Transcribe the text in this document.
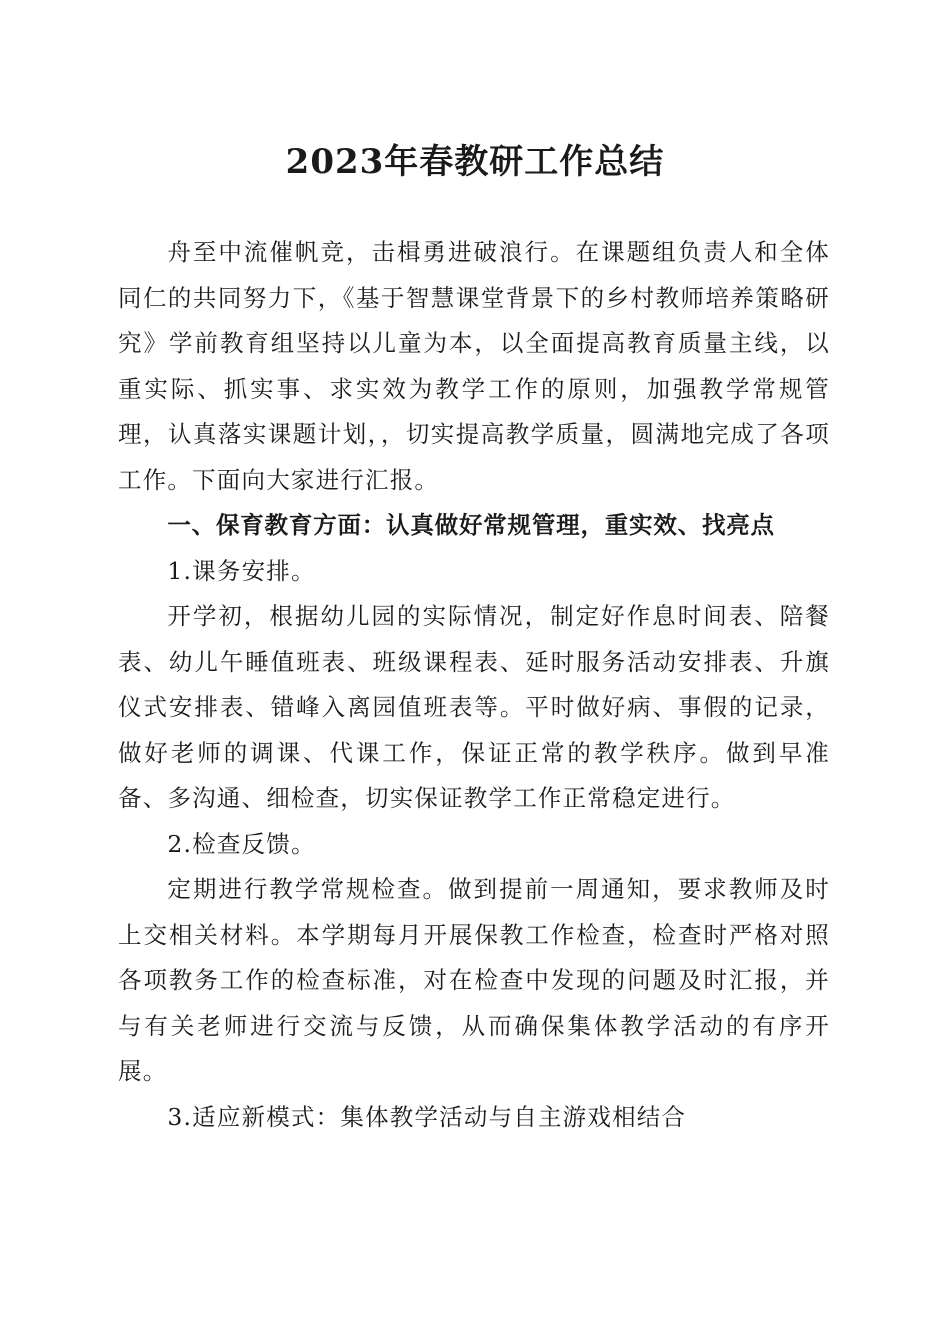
2023年春教研工作总结

舟至中流催帆竞，击楫勇进破浪行。在课题组负责人和全体同仁的共同努力下，《基于智慧课堂背景下的乡村教师培养策略研究》学前教育组坚持以儿童为本，以全面提高教育质量主线，以重实际、抓实事、求实效为教学工作的原则，加强教学常规管理，认真落实课题计划，，切实提高教学质量，圆满地完成了各项工作。下面向大家进行汇报。

一、保育教育方面：认真做好常规管理，重实效、找亮点

1.课务安排。

开学初，根据幼儿园的实际情况，制定好作息时间表、陪餐表、幼儿午睡值班表、班级课程表、延时服务活动安排表、升旗仪式安排表、错峰入离园值班表等。平时做好病、事假的记录，做好老师的调课、代课工作，保证正常的教学秩序。做到早准备、多沟通、细检查，切实保证教学工作正常稳定进行。

2.检查反馈。

定期进行教学常规检查。做到提前一周通知，要求教师及时上交相关材料。本学期每月开展保教工作检查，检查时严格对照各项教务工作的检查标准，对在检查中发现的问题及时汇报，并与有关老师进行交流与反馈，从而确保集体教学活动的有序开展。

3.适应新模式：集体教学活动与自主游戏相结合
